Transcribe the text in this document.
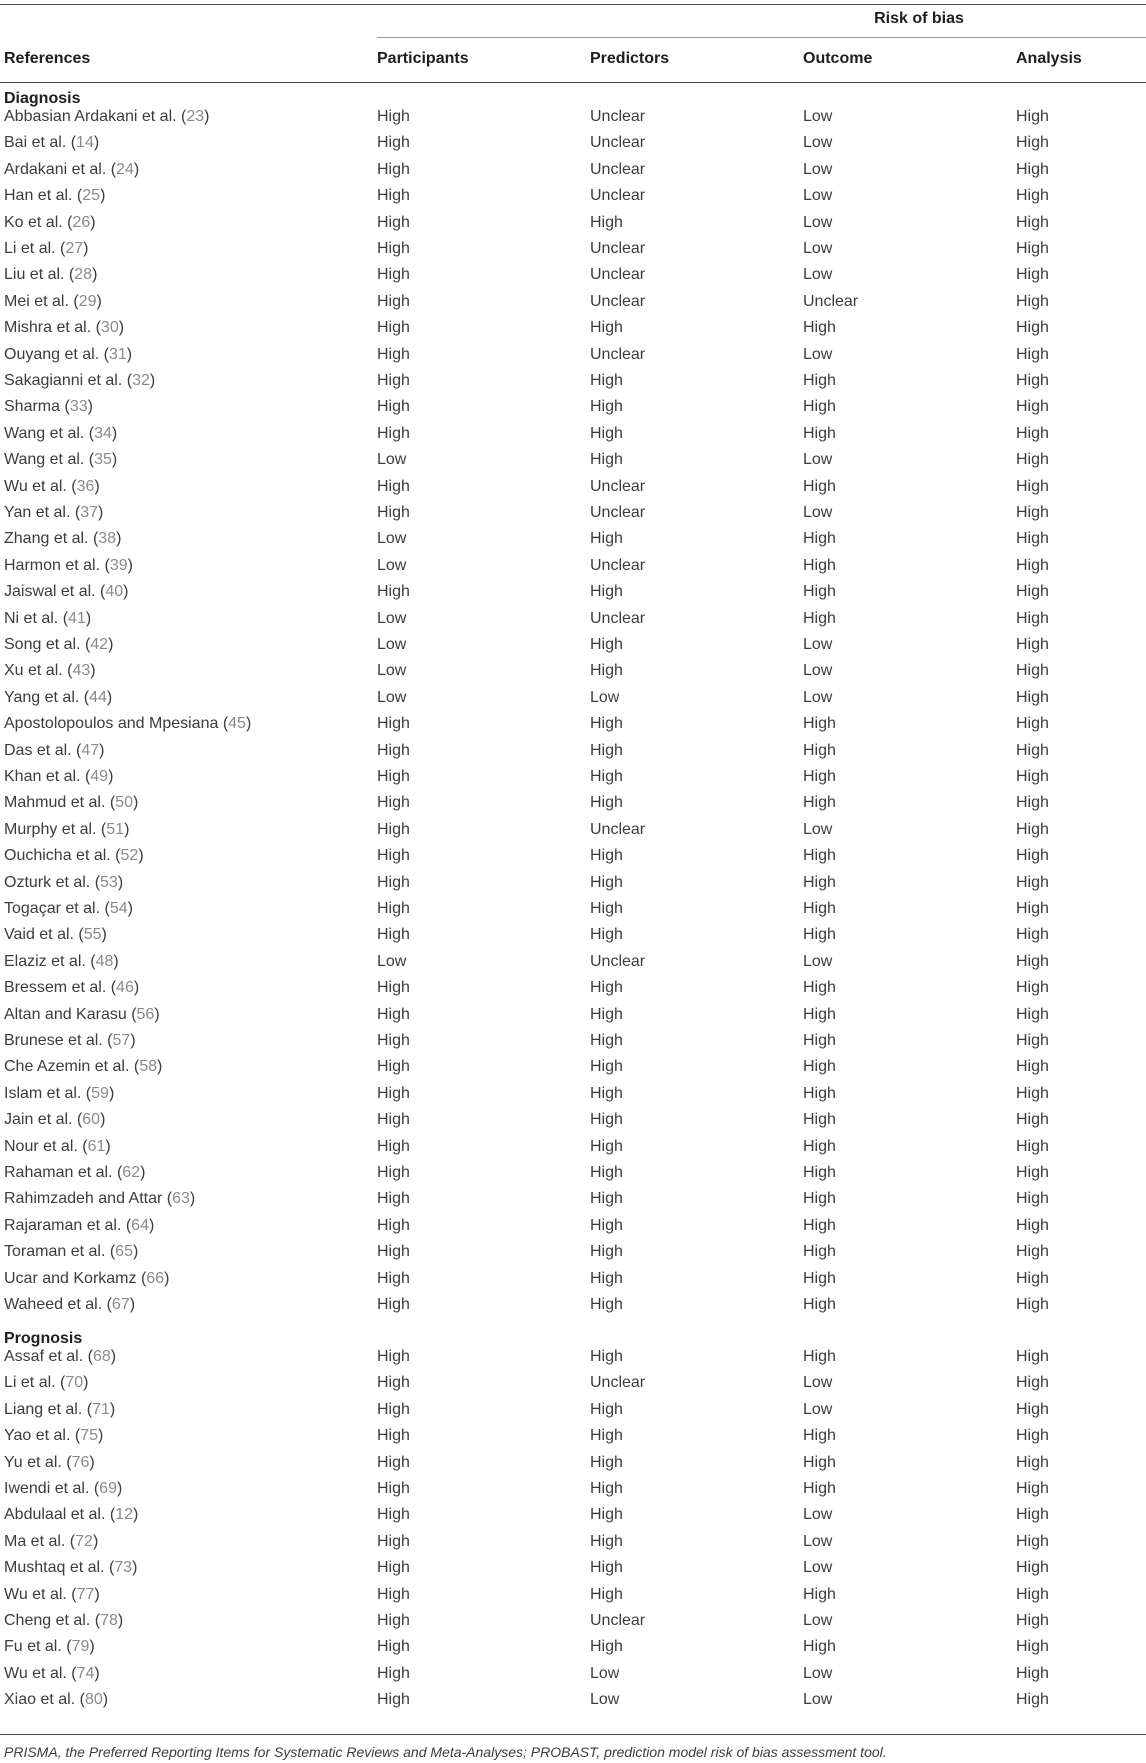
Risk of bias
References	Participants	Predictors	Outcome	Analysis
Diagnosis
Abbasian Ardakani et al. (23)	High	Unclear	Low	High
Bai et al. (14)	High	Unclear	Low	High
Ardakani et al. (24)	High	Unclear	Low	High
Han et al. (25)	High	Unclear	Low	High
Ko et al. (26)	High	High	Low	High
Li et al. (27)	High	Unclear	Low	High
Liu et al. (28)	High	Unclear	Low	High
Mei et al. (29)	High	Unclear	Unclear	High
Mishra et al. (30)	High	High	High	High
Ouyang et al. (31)	High	Unclear	Low	High
Sakagianni et al. (32)	High	High	High	High
Sharma (33)	High	High	High	High
Wang et al. (34)	High	High	High	High
Wang et al. (35)	Low	High	Low	High
Wu et al. (36)	High	Unclear	High	High
Yan et al. (37)	High	Unclear	Low	High
Zhang et al. (38)	Low	High	High	High
Harmon et al. (39)	Low	Unclear	High	High
Jaiswal et al. (40)	High	High	High	High
Ni et al. (41)	Low	Unclear	High	High
Song et al. (42)	Low	High	Low	High
Xu et al. (43)	Low	High	Low	High
Yang et al. (44)	Low	Low	Low	High
Apostolopoulos and Mpesiana (45)	High	High	High	High
Das et al. (47)	High	High	High	High
Khan et al. (49)	High	High	High	High
Mahmud et al. (50)	High	High	High	High
Murphy et al. (51)	High	Unclear	Low	High
Ouchicha et al. (52)	High	High	High	High
Ozturk et al. (53)	High	High	High	High
Togaçar et al. (54)	High	High	High	High
Vaid et al. (55)	High	High	High	High
Elaziz et al. (48)	Low	Unclear	Low	High
Bressem et al. (46)	High	High	High	High
Altan and Karasu (56)	High	High	High	High
Brunese et al. (57)	High	High	High	High
Che Azemin et al. (58)	High	High	High	High
Islam et al. (59)	High	High	High	High
Jain et al. (60)	High	High	High	High
Nour et al. (61)	High	High	High	High
Rahaman et al. (62)	High	High	High	High
Rahimzadeh and Attar (63)	High	High	High	High
Rajaraman et al. (64)	High	High	High	High
Toraman et al. (65)	High	High	High	High
Ucar and Korkamz (66)	High	High	High	High
Waheed et al. (67)	High	High	High	High
Prognosis
Assaf et al. (68)	High	High	High	High
Li et al. (70)	High	Unclear	Low	High
Liang et al. (71)	High	High	Low	High
Yao et al. (75)	High	High	High	High
Yu et al. (76)	High	High	High	High
Iwendi et al. (69)	High	High	High	High
Abdulaal et al. (12)	High	High	Low	High
Ma et al. (72)	High	High	Low	High
Mushtaq et al. (73)	High	High	Low	High
Wu et al. (77)	High	High	High	High
Cheng et al. (78)	High	Unclear	Low	High
Fu et al. (79)	High	High	High	High
Wu et al. (74)	High	Low	Low	High
Xiao et al. (80)	High	Low	Low	High
PRISMA, the Preferred Reporting Items for Systematic Reviews and Meta-Analyses; PROBAST, prediction model risk of bias assessment tool.
